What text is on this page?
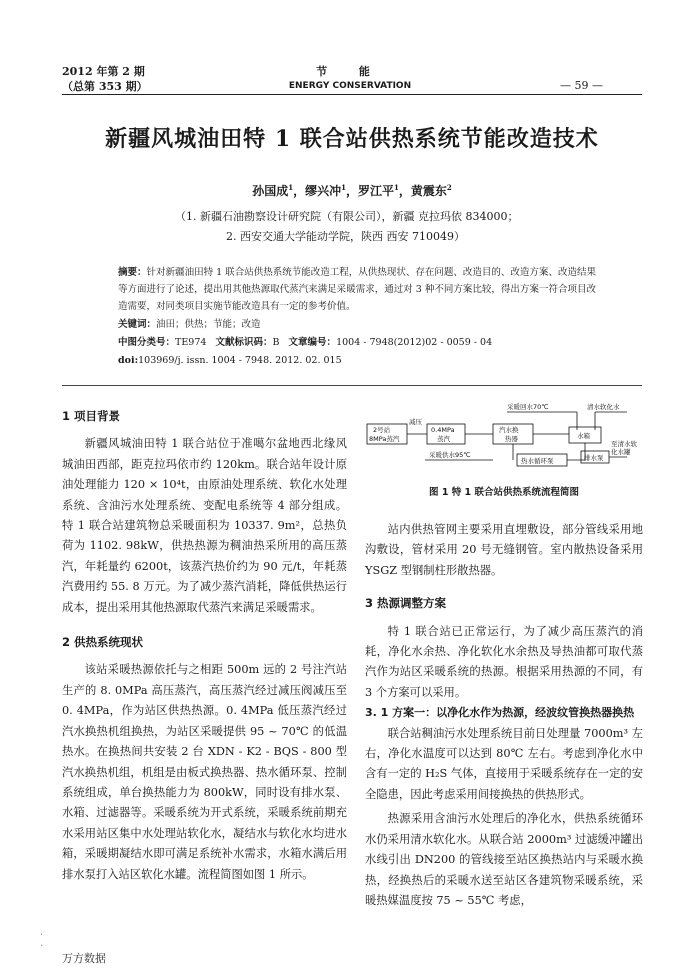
2012 年第 2 期
（总第 353 期）
节 能
ENERGY CONSERVATION	— 59 —
新疆风城油田特 1 联合站供热系统节能改造技术
孙国成$^1$，缪兴冲$^1$，罗江平$^1$，黄震东$^2$
（1. 新疆石油勘察设计研究院（有限公司），新疆 克拉玛依 834000；
2. 西安交通大学能动学院，陕西 西安 710049）
摘要：针对新疆油田特 1 联合站供热系统节能改造工程，从供热现状、存在问题、改造目的、改造方案、改造结果等方面进行了论述，提出用其他热源取代蒸汽来满足采暖需求，通过对 3 种不同方案比较，得出方案一符合项目改造需要，对同类项目实施节能改造具有一定的参考价值。
关键词：油田；供热；节能；改造
中图分类号：TE974 文献标识码：B 文章编号：1004 - 7948(2012)02 - 0059 - 04
doi:103969/j. issn. 1004 - 7948. 2012. 02. 015
1 项目背景
新疆风城油田特 1 联合站位于准噶尔盆地西北缘风城油田西部，距克拉玛依市约 120km。联合站年设计原油处理能力 120 × 10⁴t，由原油处理系统、软化水处理系统、含油污水处理系统、变配电系统等 4 部分组成。特 1 联合站建筑物总采暖面积为 10337. 9m²，总热负荷为 1102. 98kW，供热热源为稠油热采所用的高压蒸汽，年耗量约 6200t，该蒸汽热价约为 90 元/t，年耗蒸汽费用约 55. 8 万元。为了减少蒸汽消耗，降低供热运行成本，提出采用其他热源取代蒸汽来满足采暖需求。
2 供热系统现状
该站采暖热源依托与之相距 500m 远的 2 号注汽站生产的 8. 0MPa 高压蒸汽，高压蒸汽经过减压阀减压至 0. 4MPa，作为站区供热热源。0. 4MPa 低压蒸汽经过汽水换热机组换热，为站区采暖提供 95 ~ 70℃ 的低温热水。在换热间共安装 2 台 XDN - K2 - BQS - 800 型汽水换热机组，机组是由板式换热器、热水循环泵、控制系统组成，单台换热能力为 800kW，同时设有排水泵、水箱、过滤器等。采暖系统为开式系统，采暖系统前期充水采用站区集中水处理站软化水，凝结水与软化水均进水箱，采暖期凝结水即可满足系统补水需求，水箱水满后用排水泵打入站区软化水罐。流程简图如图 1 所示。
采暖回水70℃	清水软化水
2号站
8MPa蒸汽
减压
0.4MPa
蒸汽
汽水换
热器	水箱
至清水软
化水罐
采暖供水95℃
热水循环泵	排水泵
图 1 特 1 联合站供热系统流程简图
站内供热管网主要采用直埋敷设，部分管线采用地沟敷设，管材采用 20 号无缝钢管。室内散热设备采用 YSGZ 型钢制柱形散热器。
3 热源调整方案
特 1 联合站已正常运行，为了减少高压蒸汽的消耗，净化水余热、净化软化水余热及导热油都可取代蒸汽作为站区采暖系统的热源。根据采用热源的不同，有 3 个方案可以采用。
3. 1 方案一：以净化水作为热源，经波纹管换热器换热
联合站稠油污水处理系统目前日处理量 7000m³ 左右，净化水温度可以达到 80℃ 左右。考虑到净化水中含有一定的 H₂S 气体，直接用于采暖系统存在一定的安全隐患，因此考虑采用间接换热的供热形式。
热源采用含油污水处理后的净化水，供热系统循环水仍采用清水软化水。从联合站 2000m³ 过滤缓冲罐出水线引出 DN200 的管线接至站区换热站内与采暖水换热，经换热后的采暖水送至站区各建筑物采暖系统，采暖热媒温度按 75 ~ 55℃ 考虑，
·
·
万方数据
